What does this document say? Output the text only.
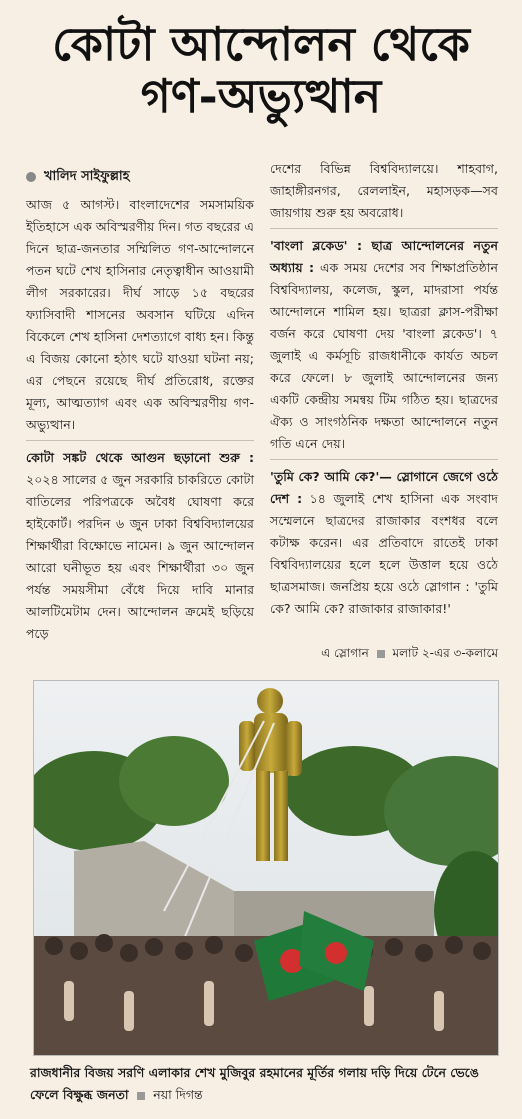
কোটা আন্দোলন থেকে
গণ-অভ্যুত্থান
খালিদ সাইফুল্লাহ

আজ ৫ আগস্ট। বাংলাদেশের সমসাময়িক ইতিহাসে এক অবিস্মরণীয় দিন। গত বছরের এ দিনে ছাত্র-জনতার সম্মিলিত গণ-আন্দোলনে পতন ঘটে শেখ হাসিনার নেতৃত্বাধীন আওয়ামী লীগ সরকারের। দীর্ঘ সাড়ে ১৫ বছরের ফ্যাসিবাদী শাসনের অবসান ঘটিয়ে এদিন বিকেলে শেখ হাসিনা দেশত্যাগে বাধ্য হন। কিন্তু এ বিজয় কোনো হঠাৎ ঘটে যাওয়া ঘটনা নয়; এর পেছনে রয়েছে দীর্ঘ প্রতিরোধ, রক্তের মূল্য, আত্মত্যাগ এবং এক অবিস্মরণীয় গণ-অভ্যুত্থান।

কোটা সঙ্কট থেকে আগুন ছড়ানো শুরু : ২০২৪ সালের ৫ জুন সরকারি চাকরিতে কোটা বাতিলের পরিপত্রকে অবৈধ ঘোষণা করে হাইকোর্ট। পরদিন ৬ জুন ঢাকা বিশ্ববিদ্যালয়ের শিক্ষার্থীরা বিক্ষোভে নামেন। ৯ জুন আন্দোলন আরো ঘনীভূত হয় এবং শিক্ষার্থীরা ৩০ জুন পর্যন্ত সময়সীমা বেঁধে দিয়ে দাবি মানার আলটিমেটাম দেন। আন্দোলন ক্রমেই ছড়িয়ে পড়ে

দেশের বিভিন্ন বিশ্ববিদ্যালয়ে। শাহবাগ, জাহাঙ্গীরনগর, রেললাইন, মহাসড়ক—সব জায়গায় শুরু হয় অবরোধ।

'বাংলা ব্লকেড' : ছাত্র আন্দোলনের নতুন অধ্যায় : এক সময় দেশের সব শিক্ষাপ্রতিষ্ঠান বিশ্ববিদ্যালয়, কলেজ, স্কুল, মাদরাসা পর্যন্ত আন্দোলনে শামিল হয়। ছাত্ররা ক্লাস-পরীক্ষা বর্জন করে ঘোষণা দেয় 'বাংলা ব্লকেড'। ৭ জুলাই এ কর্মসূচি রাজধানীকে কার্যত অচল করে ফেলে। ৮ জুলাই আন্দোলনের জন্য একটি কেন্দ্রীয় সমন্বয় টিম গঠিত হয়। ছাত্রদের ঐক্য ও সাংগঠনিক দক্ষতা আন্দোলনে নতুন গতি এনে দেয়।

'তুমি কে? আমি কে?'— স্লোগানে জেগে ওঠে দেশ : ১৪ জুলাই শেখ হাসিনা এক সংবাদ সম্মেলনে ছাত্রদের রাজাকার বংশধর বলে কটাক্ষ করেন। এর প্রতিবাদে রাতেই ঢাকা বিশ্ববিদ্যালয়ের হলে হলে উত্তাল হয়ে ওঠে ছাত্রসমাজ। জনপ্রিয় হয়ে ওঠে স্লোগান : 'তুমি কে? আমি কে? রাজাকার রাজাকার!'

এ স্লোগান মলাট ২-এর ৩-কলামে
রাজধানীর বিজয় সরণি এলাকার শেখ মুজিবুর রহমানের মূর্তির গলায় দড়ি দিয়ে টেনে ভেঙে ফেলে বিক্ষুব্ধ জনতা নয়া দিগন্ত
